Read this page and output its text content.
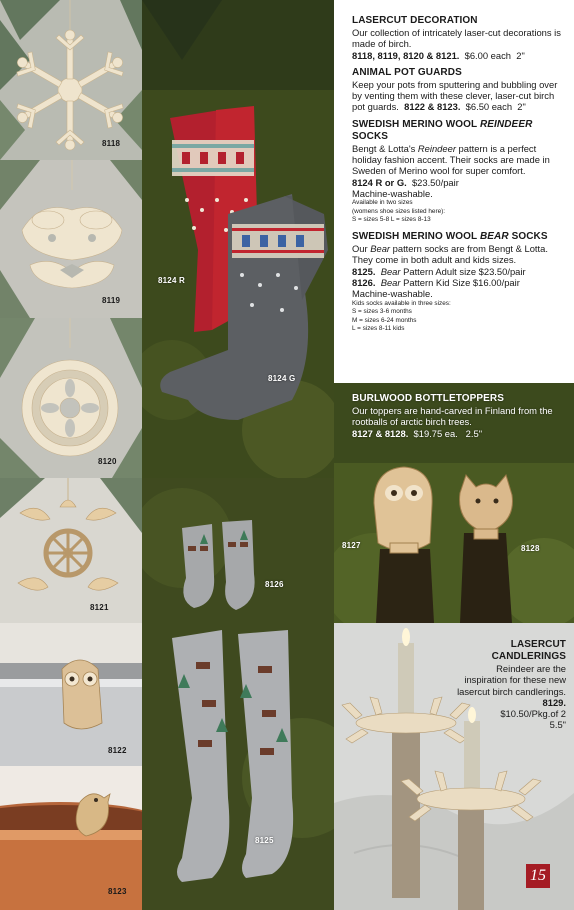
8118
8119
8120
8121
8122
8123
8124 R
8124 G
8126
8125

LASERCUT DECORATION

Our collection of intricately laser-cut decorations is made of birch.

8118, 8119, 8120 & 8121. $6.00 each 2"

ANIMAL POT GUARDS

Keep your pots from sputtering and bubbling over by venting them with these clever, laser-cut birch pot guards. 8122 & 8123. $6.50 each 2"

SWEDISH MERINO WOOL REINDEER SOCKS

Bengt & Lotta's Reindeer pattern is a perfect holiday fashion accent. Their socks are made in Sweden of Merino wool for super comfort.

8124 R or G. $23.50/pair

Machine-washable.

Available in two sizes

(womens shoe sizes listed here):

S = sizes 5-8 L = sizes 8-13

SWEDISH MERINO WOOL BEAR SOCKS

Our Bear pattern socks are from Bengt & Lotta. They come in both adult and kids sizes.

8125. Bear Pattern Adult size $23.50/pair

8126. Bear Pattern Kid Size $16.00/pair

Machine-washable.

Kids socks available in three sizes:

S = sizes 3-6 months

M = sizes 6-24 months

L = sizes 8-11 kids

8127	8128

BURLWOOD BOTTLETOPPERS

Our toppers are hand-carved in Finland from the rootballs of arctic birch trees.

8127 & 8128. $19.75 ea. 2.5"

LASERCUT

CANDLERINGS

Reindeer are the inspiration for these new lasercut birch candlerings.

8129.

$10.50/Pkg.of 2

5.5"

15
